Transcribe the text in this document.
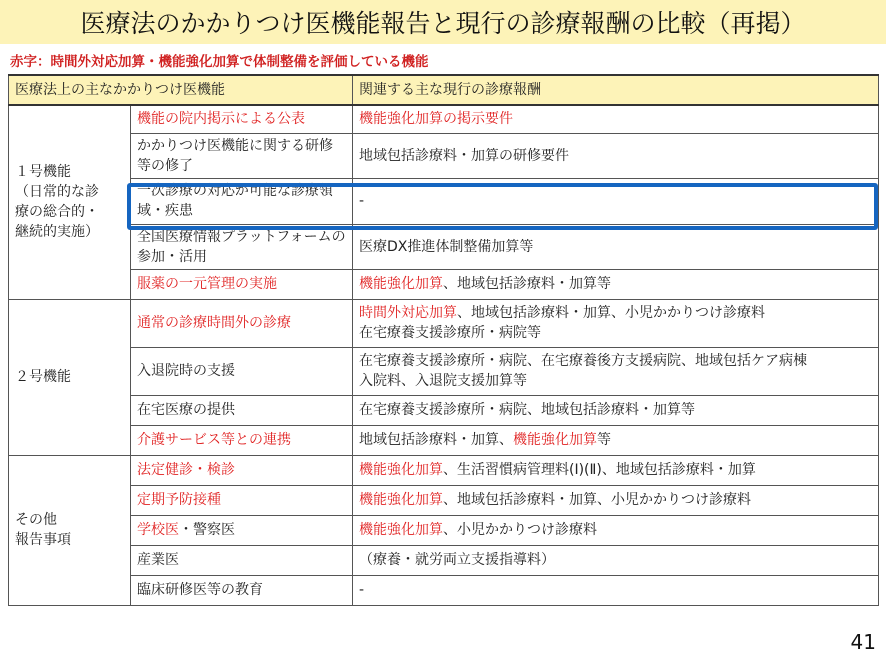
医療法のかかりつけ医機能報告と現行の診療報酬の比較（再掲）
赤字：時間外対応加算・機能強化加算で体制整備を評価している機能
医療法上の主なかかりつけ医機能		関連する主な現行の診療報酬

１号機能
（日常的な診
療の総合的・
継続的実施）	機能の院内掲示による公表	機能強化加算の掲示要件

	かかりつけ医機能に関する研修等の修了	地域包括診療料・加算の研修要件

	一次診療の対応が可能な診療領域・疾患	-

	全国医療情報プラットフォームの参加・活用	医療DX推進体制整備加算等

	服薬の一元管理の実施	機能強化加算、地域包括診療料・加算等

２号機能	通常の診療時間外の診療	時間外対応加算、地域包括診療料・加算、小児かかりつけ診療料
在宅療養支援診療所・病院等

	入退院時の支援	在宅療養支援診療所・病院、在宅療養後方支援病院、地域包括ケア病棟
入院料、入退院支援加算等

	在宅医療の提供	在宅療養支援診療所・病院、地域包括診療料・加算等

	介護サービス等との連携	地域包括診療料・加算、機能強化加算等

その他
報告事項	法定健診・検診	機能強化加算、生活習慣病管理料(Ⅰ)(Ⅱ)、地域包括診療料・加算

	定期予防接種	機能強化加算、地域包括診療料・加算、小児かかりつけ診療料

	学校医・警察医	機能強化加算、小児かかりつけ診療料

	産業医	（療養・就労両立支援指導料）

	臨床研修医等の教育	-
41
